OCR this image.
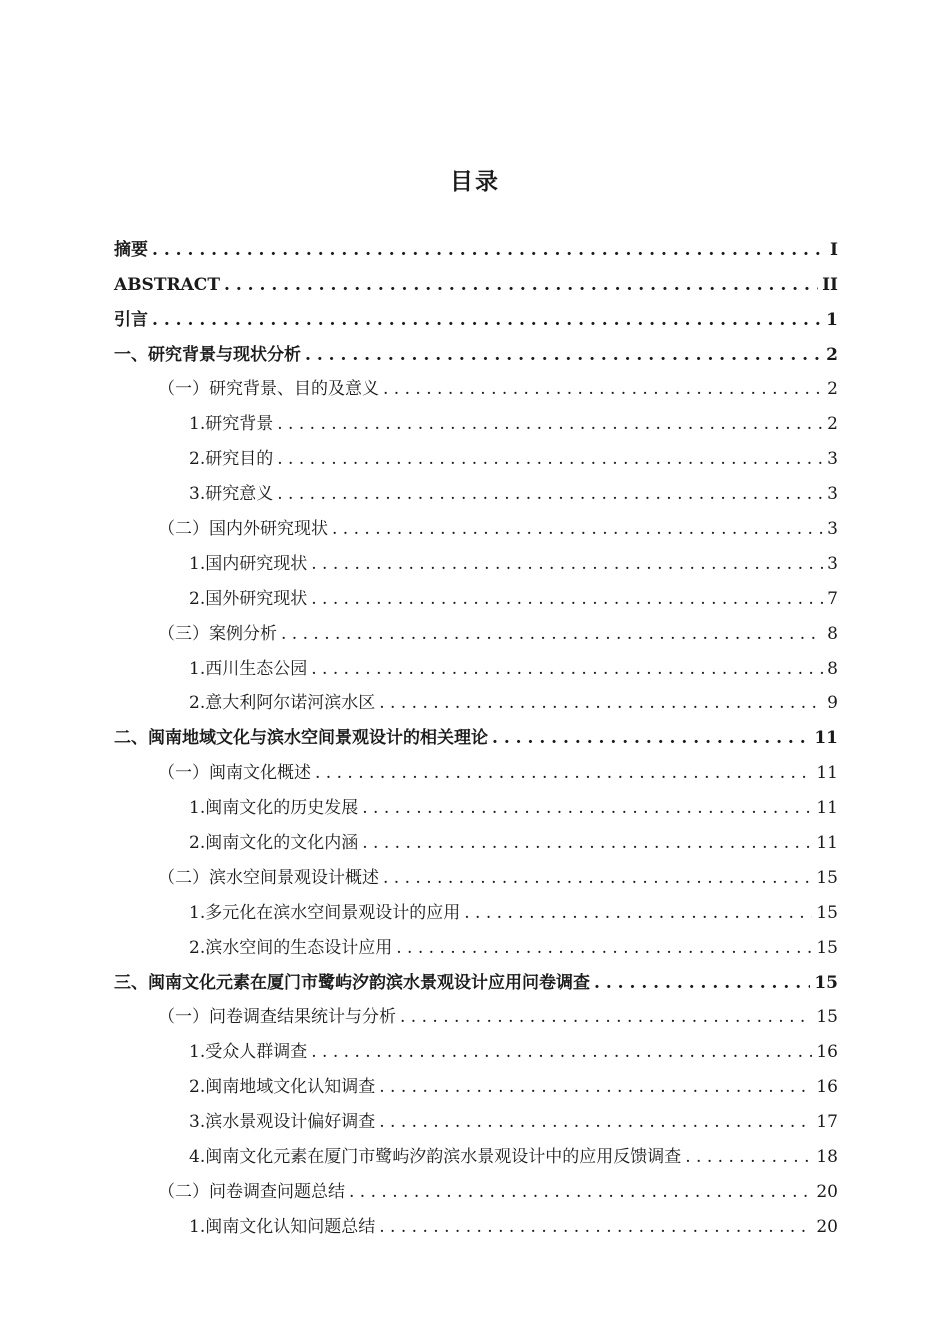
目录
摘要 . . .	I
ABSTRACT . . .	II
引言 . . .	1
一、研究背景与现状分析 . . .	2
（一）研究背景、目的及意义 . . .	2
1.研究背景 . . .	2
2.研究目的 . . .	3
3.研究意义 . . .	3
（二）国内外研究现状 . . .	3
1.国内研究现状 . . .	3
2.国外研究现状 . . .	7
（三）案例分析 . . .	8
1.西川生态公园 . . .	8
2.意大利阿尔诺河滨水区 . . .	9
二、闽南地域文化与滨水空间景观设计的相关理论 . . .	11
（一）闽南文化概述 . . .	11
1.闽南文化的历史发展 . . .	11
2.闽南文化的文化内涵 . . .	11
（二）滨水空间景观设计概述 . . .	15
1.多元化在滨水空间景观设计的应用 . . .	15
2.滨水空间的生态设计应用 . . .	15
三、闽南文化元素在厦门市鹭屿汐韵滨水景观设计应用问卷调查 . . .	15
（一）问卷调查结果统计与分析 . . .	15
1.受众人群调查 . . .	16
2.闽南地域文化认知调查 . . .	16
3.滨水景观设计偏好调查 . . .	17
4.闽南文化元素在厦门市鹭屿汐韵滨水景观设计中的应用反馈调查 . . .	18
（二）问卷调查问题总结 . . .	20
1.闽南文化认知问题总结 . . .	20
